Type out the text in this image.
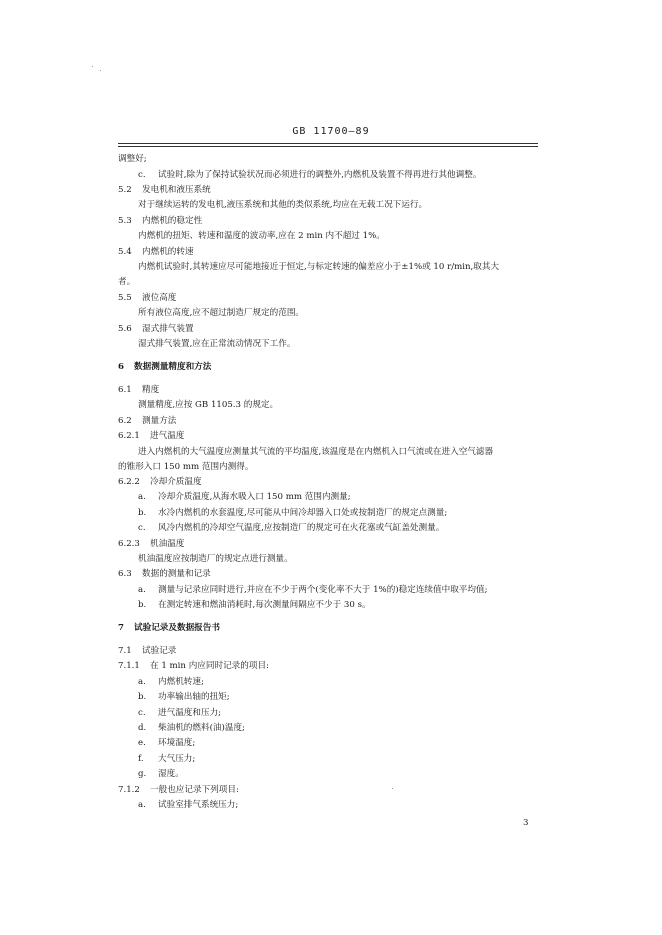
GB 11700—89
调整好;
c. 试验时,除为了保持试验状况而必须进行的调整外,内燃机及装置不得再进行其他调整。
5.2 发电机和液压系统
对于继续运转的发电机,液压系统和其他的类似系统,均应在无载工况下运行。
5.3 内燃机的稳定性
内燃机的扭矩、转速和温度的波动率,应在 2 min 内不超过 1%。
5.4 内燃机的转速
内燃机试验时,其转速应尽可能地接近于恒定,与标定转速的偏差应小于±1%或 10 r/min,取其大
者。
5.5 液位高度
所有液位高度,应不超过制造厂规定的范围。
5.6 湿式排气装置
湿式排气装置,应在正常流动情况下工作。
6 数据测量精度和方法
6.1 精度
测量精度,应按 GB 1105.3 的规定。
6.2 测量方法
6.2.1 进气温度
进入内燃机的大气温度应测量其气流的平均温度,该温度是在内燃机入口气流或在进入空气滤器
的锥形入口 150 mm 范围内测得。
6.2.2 冷却介质温度
a. 冷却介质温度,从海水吸入口 150 mm 范围内测量;
b. 水冷内燃机的水套温度,尽可能从中间冷却器入口处或按制造厂的规定点测量;
c. 风冷内燃机的冷却空气温度,应按制造厂的规定可在火花塞或气缸盖处测量。
6.2.3 机油温度
机油温度应按制造厂的规定点进行测量。
6.3 数据的测量和记录
a. 测量与记录应同时进行,并应在不少于两个(变化率不大于 1%的)稳定连续值中取平均值;
b. 在测定转速和燃油消耗时,每次测量间隔应不少于 30 s。
7 试验记录及数据报告书
7.1 试验记录
7.1.1 在 1 min 内应同时记录的项目:
a. 内燃机转速;
b. 功率输出轴的扭矩;
c. 进气温度和压力;
d. 柴油机的燃料(油)温度;
e. 环境温度;
f. 大气压力;
g. 湿度。
7.1.2 一般也应记录下列项目:
a. 试验室排气系统压力;
3
